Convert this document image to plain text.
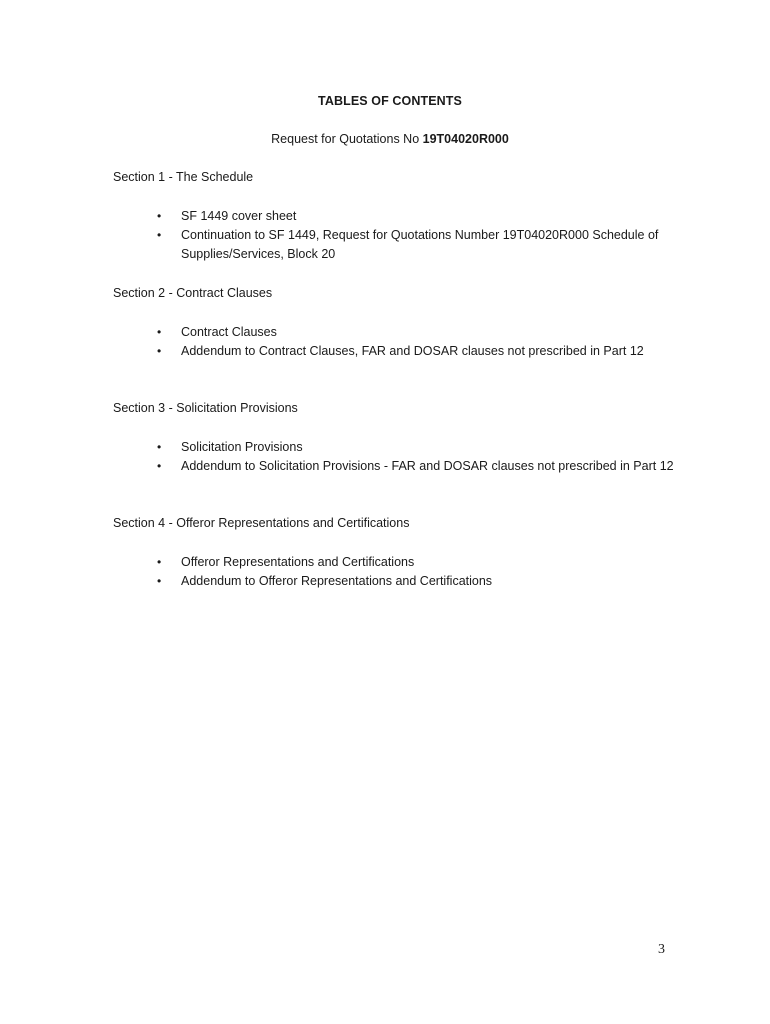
TABLES OF CONTENTS
Request for Quotations No 19T04020R000
Section 1 - The Schedule
• SF 1449 cover sheet
• Continuation to SF 1449, Request for Quotations Number 19T04020R000 Schedule of Supplies/Services, Block 20
Section 2 - Contract Clauses
• Contract Clauses
• Addendum to Contract Clauses, FAR and DOSAR clauses not prescribed in Part 12
Section 3 - Solicitation Provisions
• Solicitation Provisions
• Addendum to Solicitation Provisions - FAR and DOSAR clauses not prescribed in Part 12
Section 4 - Offeror Representations and Certifications
• Offeror Representations and Certifications
• Addendum to Offeror Representations and Certifications
3
